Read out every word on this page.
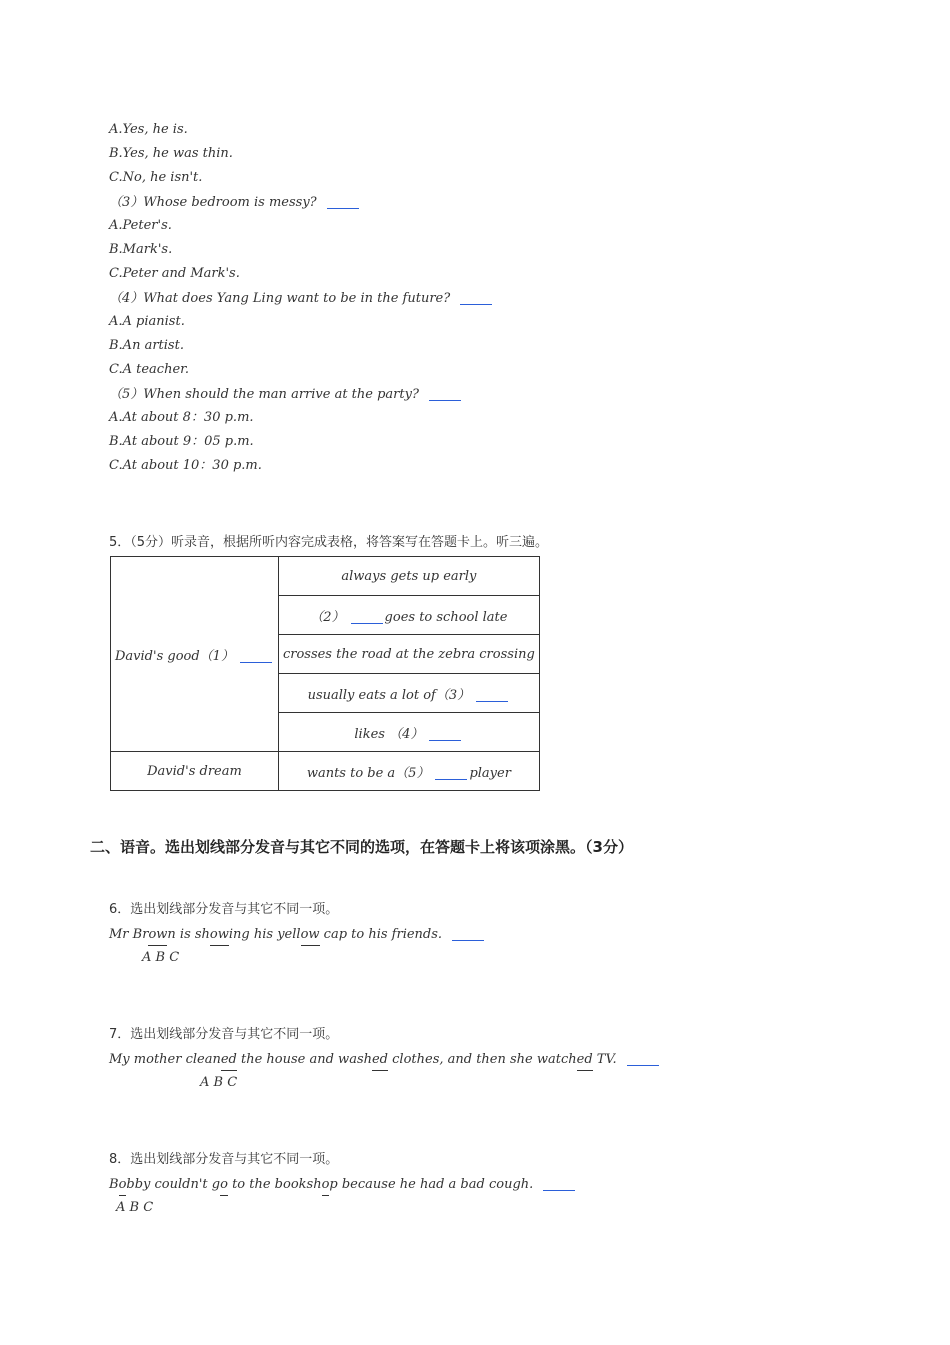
A.Yes, he is.
B.Yes, he was thin.
C.No, he isn't.
（3）Whose bedroom is messy?
A.Peter's.
B.Mark's.
C.Peter and Mark's.
（4）What does Yang Ling want to be in the future?
A.A pianist.
B.An artist.
C.A teacher.
（5）When should the man arrive at the party?
A.At about 8：30 p.m.
B.At about 9：05 p.m.
C.At about 10：30 p.m.
5．（5分）听录音，根据所听内容完成表格，将答案写在答题卡上。听三遍。
David's good（1）	always gets up early
	（2） goes to school late
	crosses the road at the zebra crossing
	usually eats a lot of（3）
	likes （4）
David's dream	wants to be a（5） player
二、语音。选出划线部分发音与其它不同的选项，在答题卡上将该项涂黑。（3分）
6．选出划线部分发音与其它不同一项。
Mr Brown is showing his yellow cap to his friends.
A B C
7．选出划线部分发音与其它不同一项。
My mother cleaned the house and washed clothes, and then she watched TV.
A B C
8．选出划线部分发音与其它不同一项。
Bobby couldn't go to the bookshop because he had a bad cough.
A B C
